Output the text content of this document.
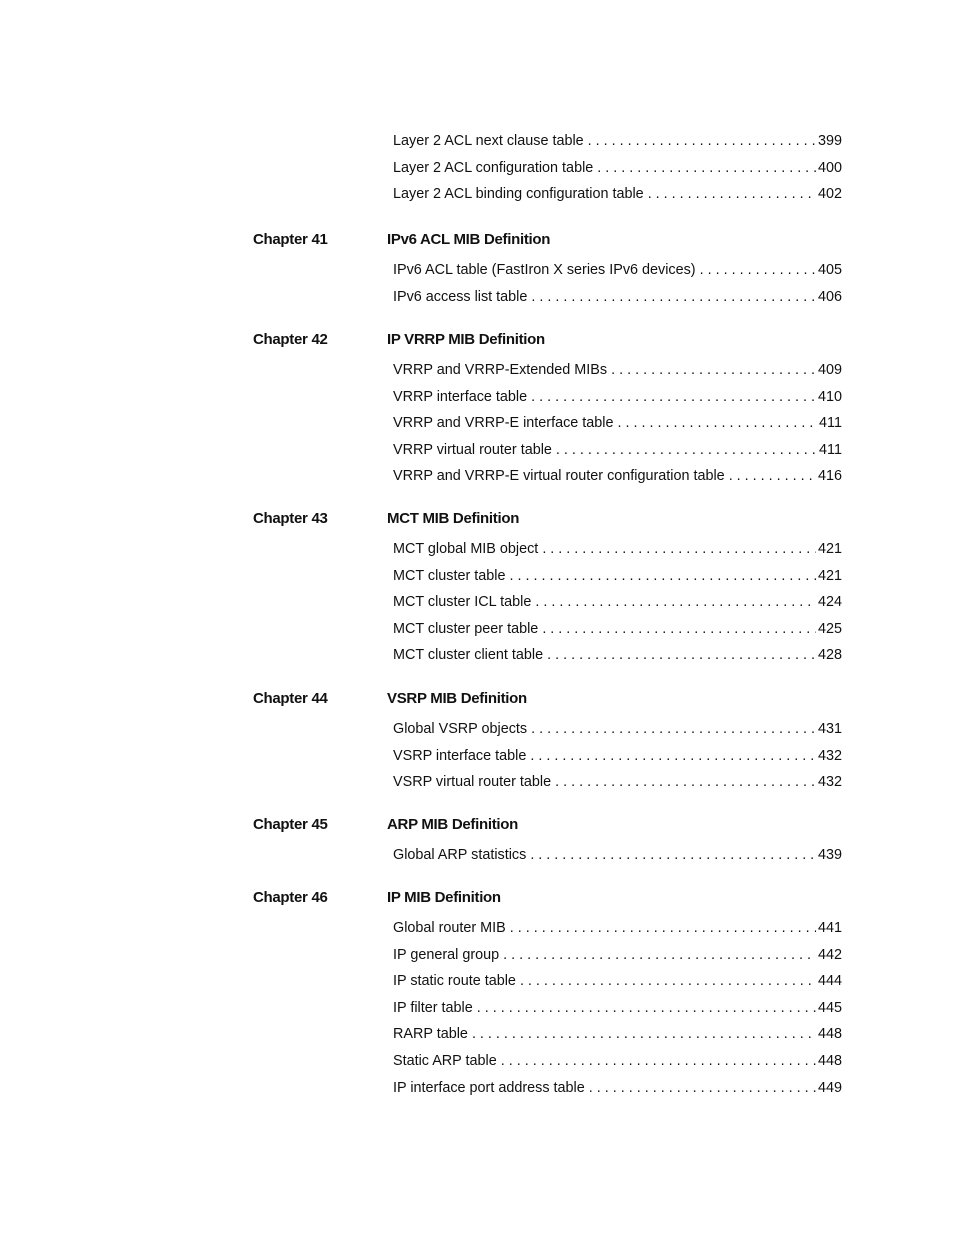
Layer 2 ACL next clause table . . .	399
Layer 2 ACL configuration table . . .	400
Layer 2 ACL binding configuration table . . .	402
Chapter 41	IPv6 ACL MIB Definition
IPv6 ACL table (FastIron X series IPv6 devices) . . .	405
IPv6 access list table . . .	406
Chapter 42	IP VRRP MIB Definition
VRRP and VRRP-Extended MIBs . . .	409
VRRP interface table . . .	410
VRRP and VRRP-E interface table . . .	411
VRRP virtual router table . . .	411
VRRP and VRRP-E virtual router configuration table . . .	416
Chapter 43	MCT MIB Definition
MCT global MIB object . . .	421
MCT cluster table . . .	421
MCT cluster ICL table . . .	424
MCT cluster peer table . . .	425
MCT cluster client table . . .	428
Chapter 44	VSRP MIB Definition
Global VSRP objects . . .	431
VSRP interface table . . .	432
VSRP virtual router table . . .	432
Chapter 45	ARP MIB Definition
Global ARP statistics . . .	439
Chapter 46	IP MIB Definition
Global router MIB . . .	441
IP general group . . .	442
IP static route table . . .	444
IP filter table . . .	445
RARP table . . .	448
Static ARP table . . .	448
IP interface port address table . . .	449
